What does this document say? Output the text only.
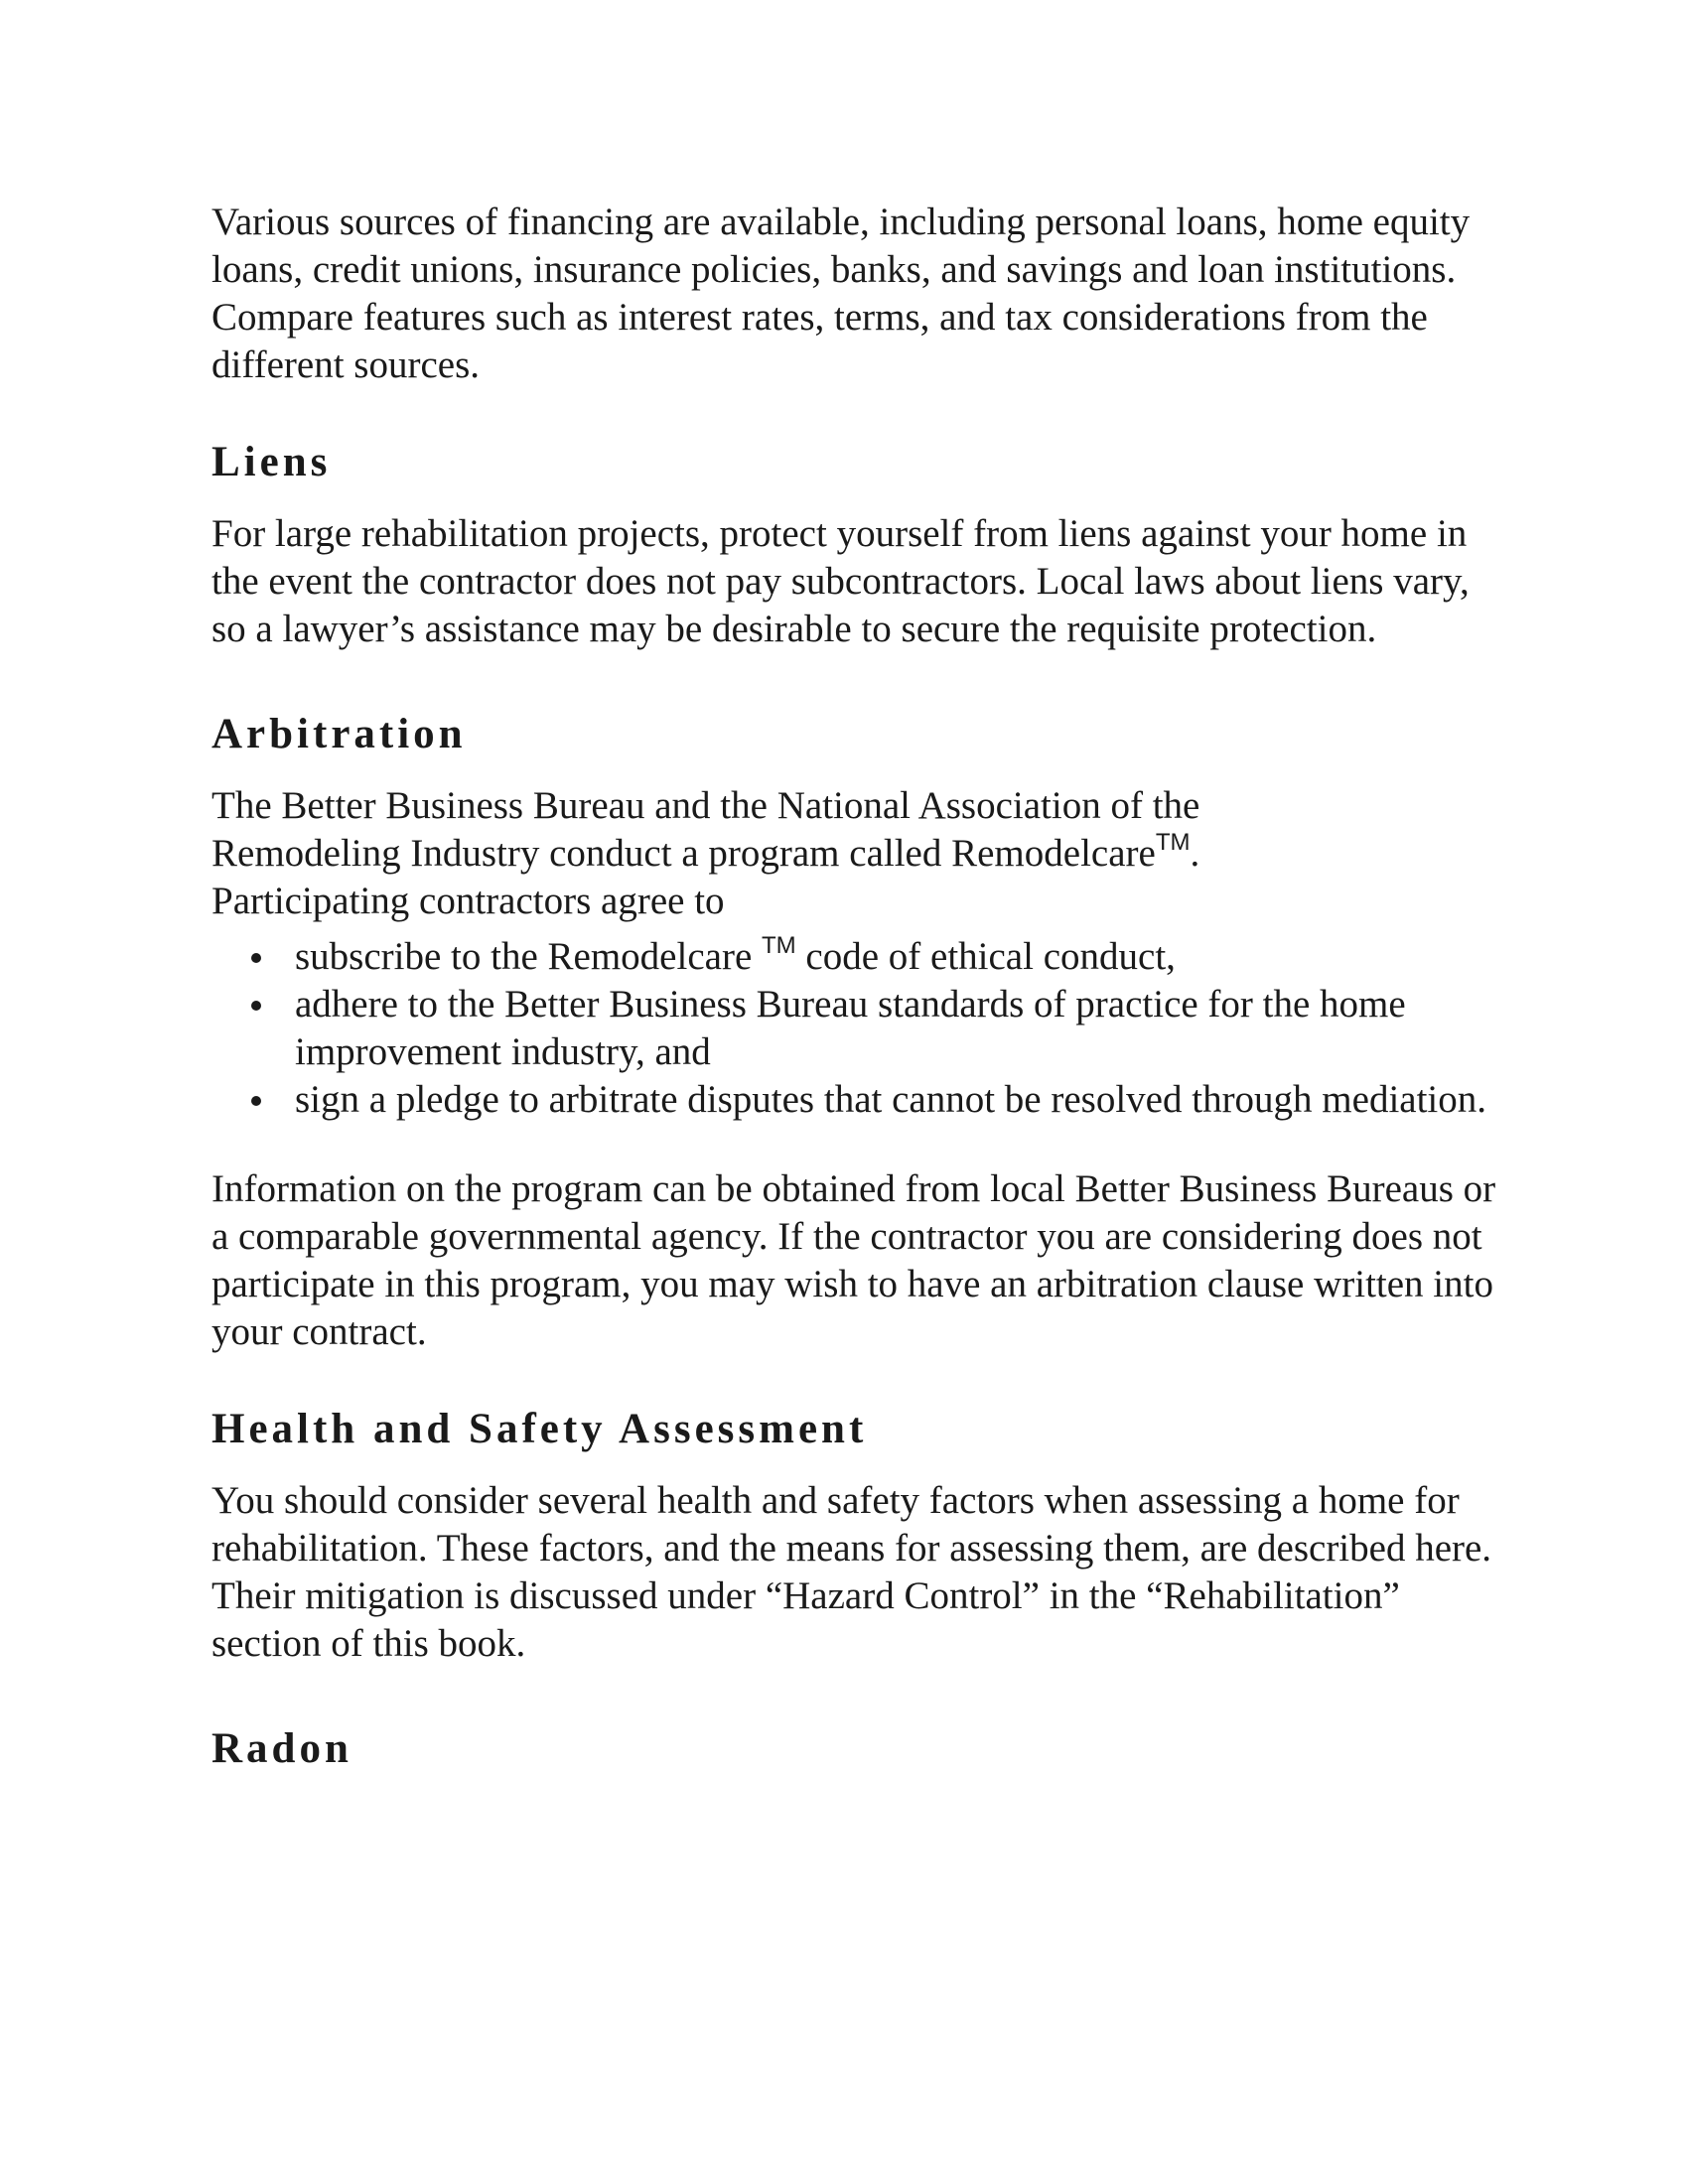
Various sources of financing are available, including personal loans, home equity loans, credit unions, insurance policies, banks, and savings and loan institutions. Compare features such as interest rates, terms, and tax considerations from the different sources.

Liens

For large rehabilitation projects, protect yourself from liens against your home in the event the contractor does not pay subcontractors. Local laws about liens vary, so a lawyer’s assistance may be desirable to secure the requisite protection.

Arbitration
The Better Business Bureau and the National Association of the
Remodeling Industry conduct a program called Remodelcare™.
Participating contractors agree to
subscribe to the Remodelcare ™ code of ethical conduct,
adhere to the Better Business Bureau standards of practice for the home improvement industry, and
sign a pledge to arbitrate disputes that cannot be resolved through mediation.

Information on the program can be obtained from local Better Business Bureaus or a comparable governmental agency. If the contractor you are considering does not participate in this program, you may wish to have an arbitration clause written into your contract.

Health and Safety Assessment

You should consider several health and safety factors when assessing a home for rehabilitation. These factors, and the means for assessing them, are described here. Their mitigation is discussed under “Hazard Control” in the “Rehabilitation” section of this book.

Radon
